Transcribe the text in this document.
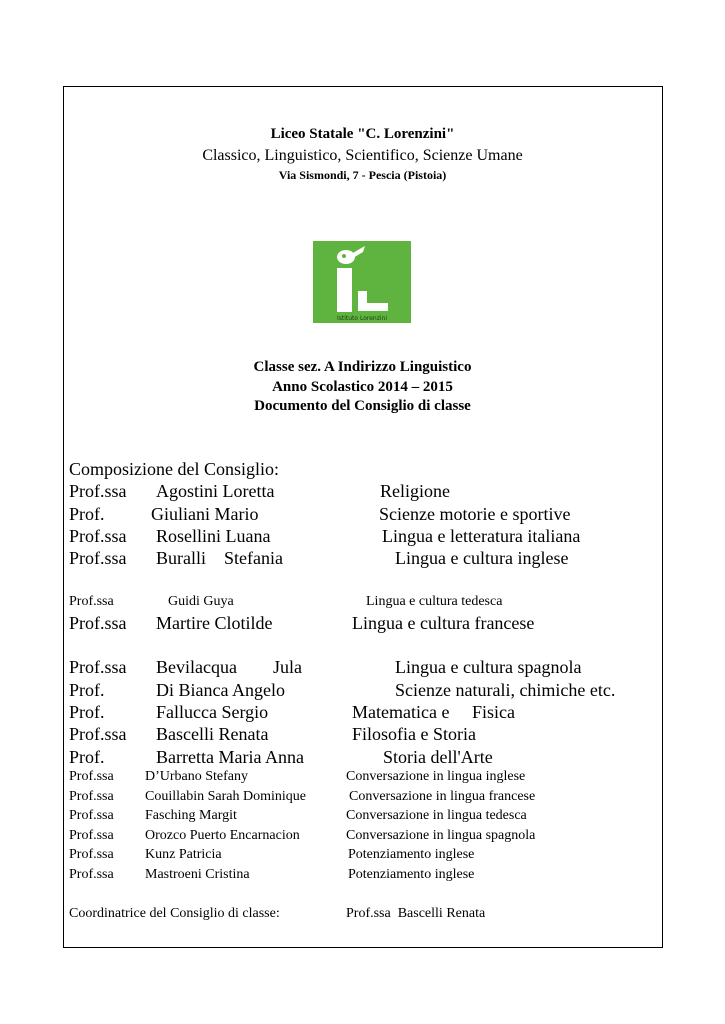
Liceo Statale "C. Lorenzini"
Classico, Linguistico, Scientifico, Scienze Umane
Via Sismondi, 7 - Pescia (Pistoia)
Istituto Lorenzini
Classe sez. A Indirizzo Linguistico
Anno Scolastico 2014 – 2015
Documento del Consiglio di classe
Composizione del Consiglio:
Prof.ssa Agostini Loretta	Religione
Prof.	Giuliani Mario	Scienze motorie e sportive
Prof.ssa Rosellini Luana	Lingua e letteratura italiana
Prof.ssa Buralli    Stefania	Lingua e cultura inglese
Prof.ssa	Guidi Guya	Lingua e cultura tedesca
Prof.ssa Martire Clotilde	Lingua e cultura francese
Prof.ssa Bevilacqua        Jula	Lingua e cultura spagnola
Prof.	Di Bianca Angelo	Scienze naturali, chimiche etc.
Prof.	Fallucca Sergio	Matematica e     Fisica
Prof.ssa Bascelli Renata	Filosofia e Storia
Prof.	Barretta Maria Anna	Storia dell'Arte
Prof.ssa D’Urbano Stefany	Conversazione in lingua inglese
Prof.ssa Couillabin Sarah Dominique	Conversazione in lingua francese
Prof.ssa Fasching Margit	Conversazione in lingua tedesca
Prof.ssa Orozco Puerto Encarnacion	Conversazione in lingua spagnola
Prof.ssa Kunz Patricia	Potenziamento inglese
Prof.ssa Mastroeni Cristina	Potenziamento inglese
Coordinatrice del Consiglio di classe:	Prof.ssa  Bascelli Renata
